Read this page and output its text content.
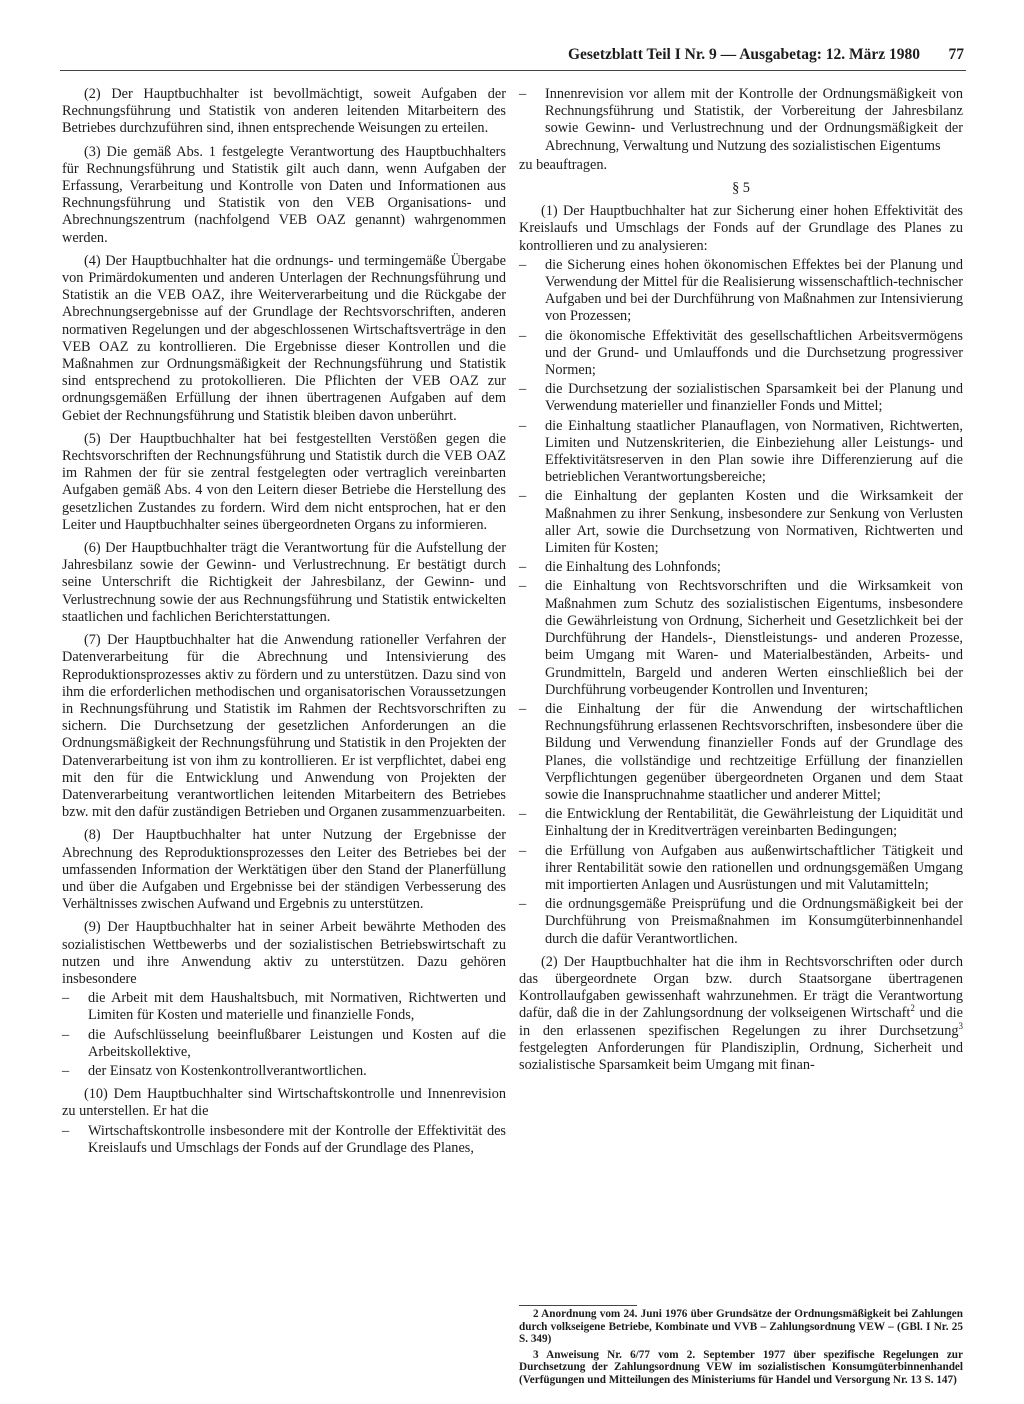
Gesetzblatt Teil I Nr. 9 — Ausgabetag: 12. März 1980 77

(2) Der Hauptbuchhalter ist bevollmächtigt, soweit Aufgaben der Rechnungsführung und Statistik von anderen leitenden Mitarbeitern des Betriebes durchzuführen sind, ihnen entsprechende Weisungen zu erteilen.

(3) Die gemäß Abs. 1 festgelegte Verantwortung des Hauptbuchhalters für Rechnungsführung und Statistik gilt auch dann, wenn Aufgaben der Erfassung, Verarbeitung und Kontrolle von Daten und Informationen aus Rechnungsführung und Statistik von den VEB Organisations- und Abrechnungszentrum (nachfolgend VEB OAZ genannt) wahrgenommen werden.

(4) Der Hauptbuchhalter hat die ordnungs- und termingemäße Übergabe von Primärdokumenten und anderen Unterlagen der Rechnungsführung und Statistik an die VEB OAZ, ihre Weiterverarbeitung und die Rückgabe der Abrechnungsergebnisse auf der Grundlage der Rechtsvorschriften, anderen normativen Regelungen und der abgeschlossenen Wirtschaftsverträge in den VEB OAZ zu kontrollieren. Die Ergebnisse dieser Kontrollen und die Maßnahmen zur Ordnungsmäßigkeit der Rechnungsführung und Statistik sind entsprechend zu protokollieren. Die Pflichten der VEB OAZ zur ordnungsgemäßen Erfüllung der ihnen übertragenen Aufgaben auf dem Gebiet der Rechnungsführung und Statistik bleiben davon unberührt.

(5) Der Hauptbuchhalter hat bei festgestellten Verstößen gegen die Rechtsvorschriften der Rechnungsführung und Statistik durch die VEB OAZ im Rahmen der für sie zentral festgelegten oder vertraglich vereinbarten Aufgaben gemäß Abs. 4 von den Leitern dieser Betriebe die Herstellung des gesetzlichen Zustandes zu fordern. Wird dem nicht entsprochen, hat er den Leiter und Hauptbuchhalter seines übergeordneten Organs zu informieren.

(6) Der Hauptbuchhalter trägt die Verantwortung für die Aufstellung der Jahresbilanz sowie der Gewinn- und Verlustrechnung. Er bestätigt durch seine Unterschrift die Richtigkeit der Jahresbilanz, der Gewinn- und Verlustrechnung sowie der aus Rechnungsführung und Statistik entwickelten staatlichen und fachlichen Berichterstattungen.

(7) Der Hauptbuchhalter hat die Anwendung rationeller Verfahren der Datenverarbeitung für die Abrechnung und Intensivierung des Reproduktionsprozesses aktiv zu fördern und zu unterstützen. Dazu sind von ihm die erforderlichen methodischen und organisatorischen Voraussetzungen in Rechnungsführung und Statistik im Rahmen der Rechtsvorschriften zu sichern. Die Durchsetzung der gesetzlichen Anforderungen an die Ordnungsmäßigkeit der Rechnungsführung und Statistik in den Projekten der Datenverarbeitung ist von ihm zu kontrollieren. Er ist verpflichtet, dabei eng mit den für die Entwicklung und Anwendung von Projekten der Datenverarbeitung verantwortlichen leitenden Mitarbeitern des Betriebes bzw. mit den dafür zuständigen Betrieben und Organen zusammenzuarbeiten.

(8) Der Hauptbuchhalter hat unter Nutzung der Ergebnisse der Abrechnung des Reproduktionsprozesses den Leiter des Betriebes bei der umfassenden Information der Werktätigen über den Stand der Planerfüllung und über die Aufgaben und Ergebnisse bei der ständigen Verbesserung des Verhältnisses zwischen Aufwand und Ergebnis zu unterstützen.

(9) Der Hauptbuchhalter hat in seiner Arbeit bewährte Methoden des sozialistischen Wettbewerbs und der sozialistischen Betriebswirtschaft zu nutzen und ihre Anwendung aktiv zu unterstützen. Dazu gehören insbesondere

– die Arbeit mit dem Haushaltsbuch, mit Normativen, Richtwerten und Limiten für Kosten und materielle und finanzielle Fonds,

– die Aufschlüsselung beeinflußbarer Leistungen und Kosten auf die Arbeitskollektive,

– der Einsatz von Kostenkontrollverantwortlichen.

(10) Dem Hauptbuchhalter sind Wirtschaftskontrolle und Innenrevision zu unterstellen. Er hat die

– Wirtschaftskontrolle insbesondere mit der Kontrolle der Effektivität des Kreislaufs und Umschlags der Fonds auf der Grundlage des Planes,

– Innenrevision vor allem mit der Kontrolle der Ordnungsmäßigkeit von Rechnungsführung und Statistik, der Vorbereitung der Jahresbilanz sowie Gewinn- und Verlustrechnung und der Ordnungsmäßigkeit der Abrechnung, Verwaltung und Nutzung des sozialistischen Eigentums

zu beauftragen.

§ 5

(1) Der Hauptbuchhalter hat zur Sicherung einer hohen Effektivität des Kreislaufs und Umschlags der Fonds auf der Grundlage des Planes zu kontrollieren und zu analysieren:

– die Sicherung eines hohen ökonomischen Effektes bei der Planung und Verwendung der Mittel für die Realisierung wissenschaftlich-technischer Aufgaben und bei der Durchführung von Maßnahmen zur Intensivierung von Prozessen;

– die ökonomische Effektivität des gesellschaftlichen Arbeitsvermögens und der Grund- und Umlauffonds und die Durchsetzung progressiver Normen;

– die Durchsetzung der sozialistischen Sparsamkeit bei der Planung und Verwendung materieller und finanzieller Fonds und Mittel;

– die Einhaltung staatlicher Planauflagen, von Normativen, Richtwerten, Limiten und Nutzenskriterien, die Einbeziehung aller Leistungs- und Effektivitätsreserven in den Plan sowie ihre Differenzierung auf die betrieblichen Verantwortungsbereiche;

– die Einhaltung der geplanten Kosten und die Wirksamkeit der Maßnahmen zu ihrer Senkung, insbesondere zur Senkung von Verlusten aller Art, sowie die Durchsetzung von Normativen, Richtwerten und Limiten für Kosten;

– die Einhaltung des Lohnfonds;

– die Einhaltung von Rechtsvorschriften und die Wirksamkeit von Maßnahmen zum Schutz des sozialistischen Eigentums, insbesondere die Gewährleistung von Ordnung, Sicherheit und Gesetzlichkeit bei der Durchführung der Handels-, Dienstleistungs- und anderen Prozesse, beim Umgang mit Waren- und Materialbeständen, Arbeits- und Grundmitteln, Bargeld und anderen Werten einschließlich bei der Durchführung vorbeugender Kontrollen und Inventuren;

– die Einhaltung der für die Anwendung der wirtschaftlichen Rechnungsführung erlassenen Rechtsvorschriften, insbesondere über die Bildung und Verwendung finanzieller Fonds auf der Grundlage des Planes, die vollständige und rechtzeitige Erfüllung der finanziellen Verpflichtungen gegenüber übergeordneten Organen und dem Staat sowie die Inanspruchnahme staatlicher und anderer Mittel;

– die Entwicklung der Rentabilität, die Gewährleistung der Liquidität und Einhaltung der in Kreditverträgen vereinbarten Bedingungen;

– die Erfüllung von Aufgaben aus außenwirtschaftlicher Tätigkeit und ihrer Rentabilität sowie den rationellen und ordnungsgemäßen Umgang mit importierten Anlagen und Ausrüstungen und mit Valutamitteln;

– die ordnungsgemäße Preisprüfung und die Ordnungsmäßigkeit bei der Durchführung von Preismaßnahmen im Konsumgüterbinnenhandel durch die dafür Verantwortlichen.

(2) Der Hauptbuchhalter hat die ihm in Rechtsvorschriften oder durch das übergeordnete Organ bzw. durch Staatsorgane übertragenen Kontrollaufgaben gewissenhaft wahrzunehmen. Er trägt die Verantwortung dafür, daß die in der Zahlungsordnung der volkseigenen Wirtschaft$^2$ und die in den erlassenen spezifischen Regelungen zu ihrer Durchsetzung$^3$ festgelegten Anforderungen für Plandisziplin, Ordnung, Sicherheit und sozialistische Sparsamkeit beim Umgang mit finan-

2 Anordnung vom 24. Juni 1976 über Grundsätze der Ordnungsmäßigkeit bei Zahlungen durch volkseigene Betriebe, Kombinate und VVB – Zahlungsordnung VEW – (GBl. I Nr. 25 S. 349)

3 Anweisung Nr. 6/77 vom 2. September 1977 über spezifische Regelungen zur Durchsetzung der Zahlungsordnung VEW im sozialistischen Konsumgüterbinnenhandel (Verfügungen und Mitteilungen des Ministeriums für Handel und Versorgung Nr. 13 S. 147)
